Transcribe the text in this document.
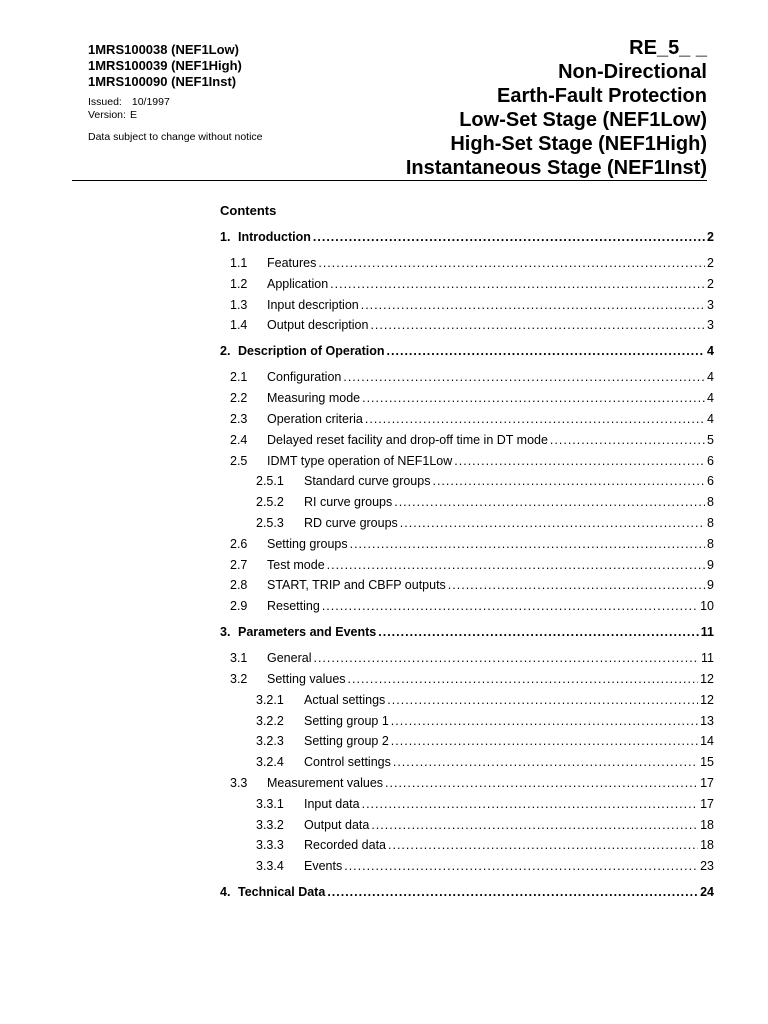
1MRS100038 (NEF1Low)
1MRS100039 (NEF1High)
1MRS100090 (NEF1Inst)
Issued: 10/1997
Version: E
Data subject to change without notice
RE_5_ _
Non-Directional
Earth-Fault Protection
Low-Set Stage (NEF1Low)
High-Set Stage (NEF1High)
Instantaneous Stage (NEF1Inst)
Contents
1. Introduction .....	2
1.1	Features .....	2
1.2	Application .....	2
1.3	Input description .....	3
1.4	Output description .....	3
2. Description of Operation .....	4
2.1	Configuration .....	4
2.2	Measuring mode .....	4
2.3	Operation criteria .....	4
2.4	Delayed reset facility and drop-off time in DT mode .....	5
2.5	IDMT type operation of NEF1Low .....	6
2.5.1	Standard curve groups .....	6
2.5.2	RI curve groups .....	8
2.5.3	RD curve groups .....	8
2.6	Setting groups .....	8
2.7	Test mode .....	9
2.8	START, TRIP and CBFP outputs .....	9
2.9	Resetting .....	10
3. Parameters and Events .....	11
3.1	General .....	11
3.2	Setting values .....	12
3.2.1	Actual settings .....	12
3.2.2	Setting group 1 .....	13
3.2.3	Setting group 2 .....	14
3.2.4	Control settings .....	15
3.3	Measurement values .....	17
3.3.1	Input data .....	17
3.3.2	Output data .....	18
3.3.3	Recorded data .....	18
3.3.4	Events .....	23
4. Technical Data .....	24
